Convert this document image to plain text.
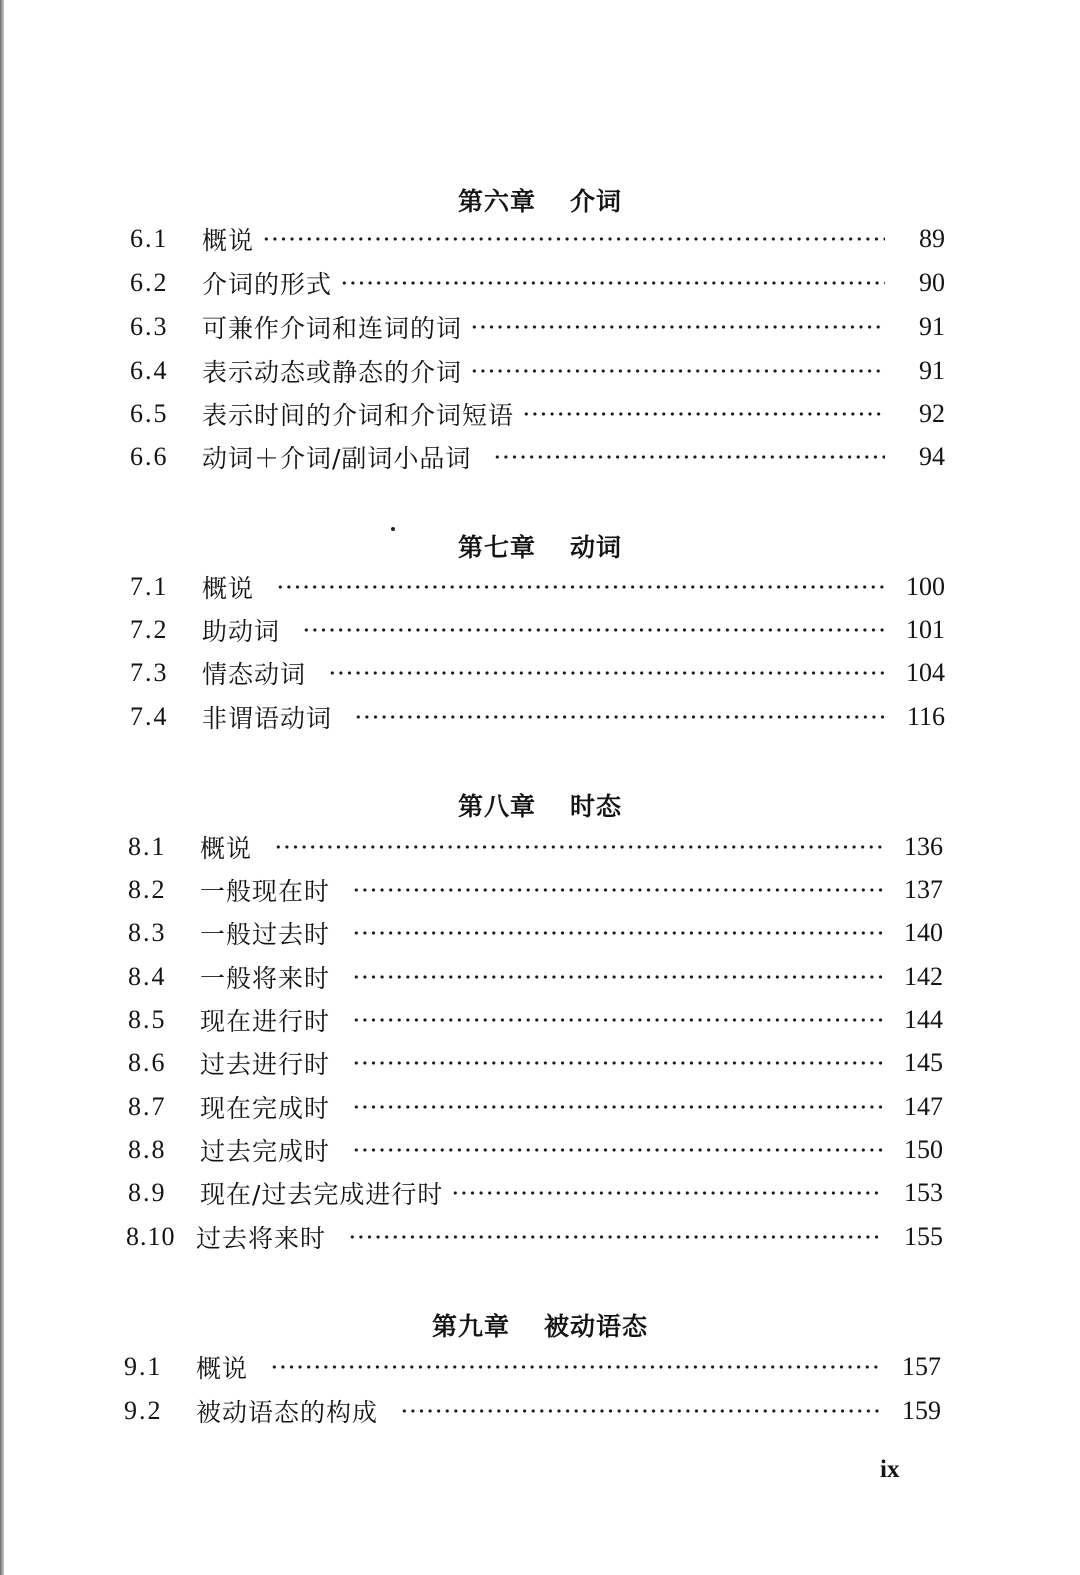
第六章 介词
6.1	概说	89
6.2	介词的形式	90
6.3	可兼作介词和连词的词	91
6.4	表示动态或静态的介词	91
6.5	表示时间的介词和介词短语	92
6.6	动词＋介词/副词小品词	94
第七章 动词
7.1	概说	100
7.2	助动词	101
7.3	情态动词	104
7.4	非谓语动词	116
第八章 时态
8.1	概说	136
8.2	一般现在时	137
8.3	一般过去时	140
8.4	一般将来时	142
8.5	现在进行时	144
8.6	过去进行时	145
8.7	现在完成时	147
8.8	过去完成时	150
8.9	现在/过去完成进行时	153
8.10 过去将来时	155
第九章 被动语态
9.1	概说	157
9.2	被动语态的构成	159
ix
